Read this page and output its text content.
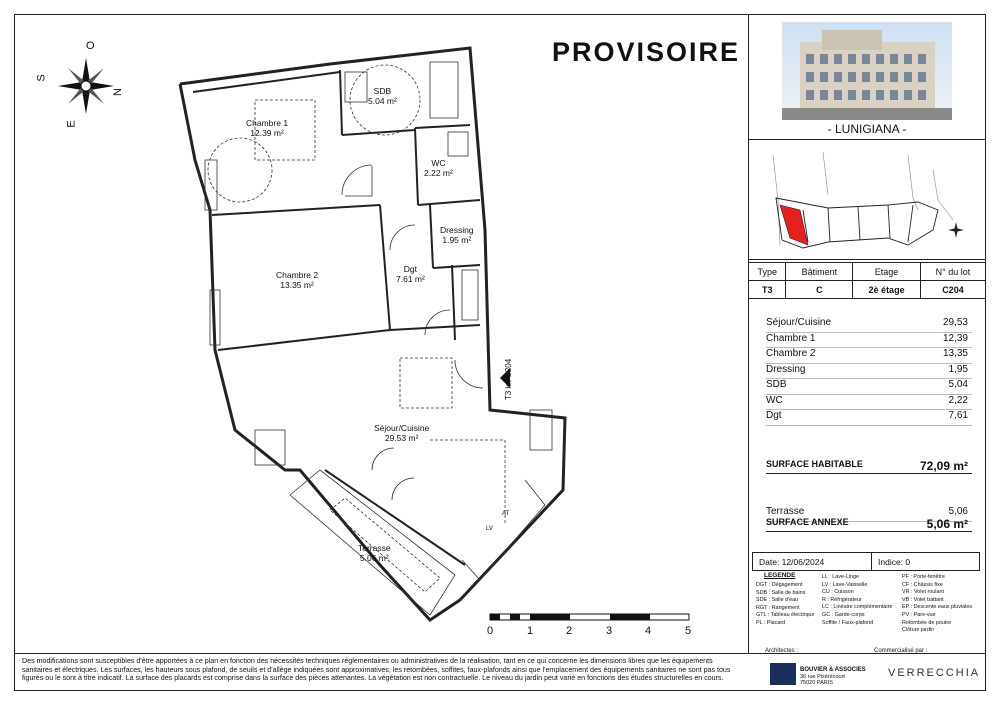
O
S
N
E
SDB
5.04 m²
Chambre 1
12.39 m²
WC
2.22 m²
Dressing
1.95 m²
Chambre 2
13.35 m²
Dgt
7.61 m²
Séjour/Cuisine
29.53 m²
Terrasse
5.06 m²
T3 lot C204
AT
LV
0	1	2	3	4	5
PROVISOIRE
- LUNIGIANA -
Type	Bâtiment	Etage	N° du lot
T3	C	2è étage	C204
Séjour/Cuisine	29,53
Chambre 1	12,39
Chambre 2	13,35
Dressing	1,95
SDB	5,04
WC	2,22
Dgt	7,61
SURFACE HABITABLE	72,09 m²
Terrasse	5,06
SURFACE ANNEXE	5,06 m²
Date: 12/06/2024	Indice: 0
LEGENDE
DGT : Dégagement
SDB : Salle de bains
SDE : Salle d'eau
RGT : Rangement
GTL : Tableau électrique
PL : Placard
LL : Lave-Linge
LV : Lave-Vaisselle
CU : Cuisson
R : Réfrigérateur
LC : Linéaire complémentaire
GC : Garde-corps
Soffite / Faux-plafond
PF : Porte-fenêtre
CF : Châssis fixe
VR : Volet roulant
VB : Volet battant
EP : Descente eaux pluviales
PV : Pare-vue
Retombée de poutre
Clôture jardin
Des modifications sont susceptibles d'être apportées à ce plan en fonction des nécessités techniques réglementaires ou administratives de la réalisation, tant en ce qui concerne les dimensions libres que les équipements sanitaires et électriques. Les surfaces, les hauteurs sous plafond, de seuils et d'allège indiquées sont approximatives; les retombées, soffites, faux-plafonds ainsi que l'emplacement des équipements sanitaires ne sont pas tous figurés ou le sont à titre indicatif. La surface des placards est comprise dans la surface des pièces attenantes. La végétation est non contractuelle. Le niveau du jardin peut varié en fonctions des études structurelles en cours.
Architectes :	Commercialisé par :
BOUVIER & ASSOCIES
36 rue Pixérécourt
75020 PARIS
VERRECCHIA
